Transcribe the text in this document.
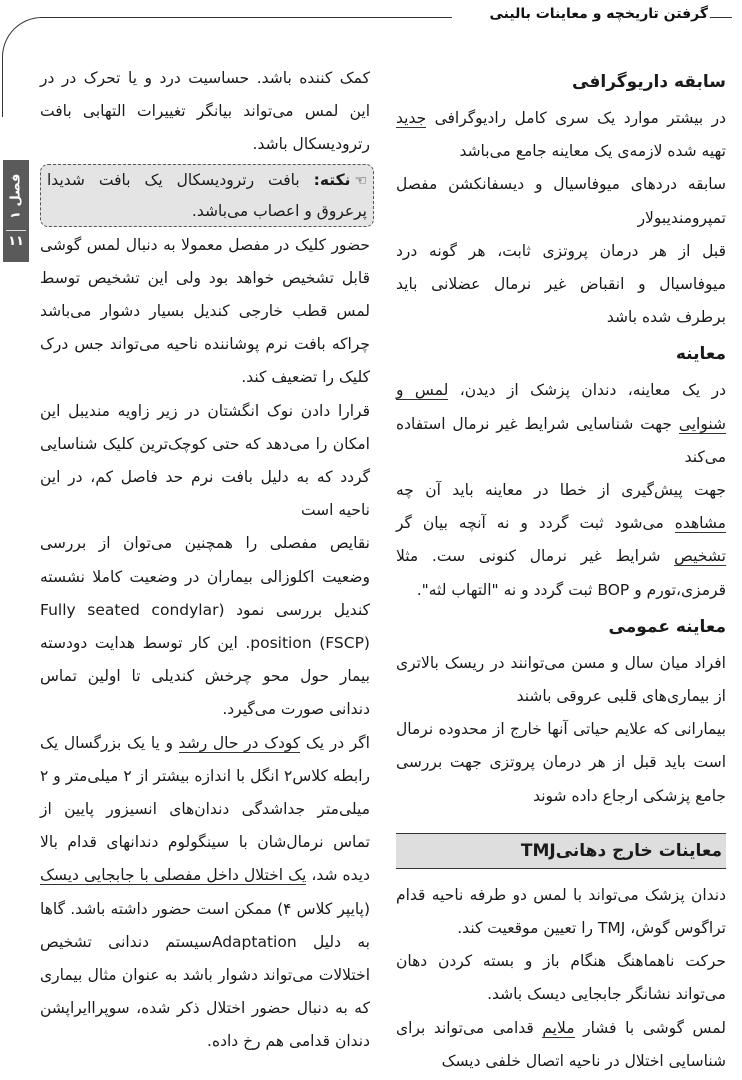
گرفتن تاریخچه و معاینات بالینی
فصل ۱
۱۱
سابقه داریوگرافی

در بیشتر موارد یک سری کامل رادیوگرافی جدید تهیه شده لازمه‌ی یک معاینه جامع می‌باشد

سابقه دردهای میوفاسیال و دیسفانکشن مفصل تمپرومندیبولار

قبل از هر درمان پروتزی ثابت، هر گونه درد میوفاسیال و انقباض غیر نرمال عضلانی باید برطرف شده باشد

معاینه

در یک معاینه، دندان پزشک از دیدن، لمس و شنوایی جهت شناسایی شرایط غیر نرمال استفاده می‌کند

جهت پیش‌گیری از خطا در معاینه باید آن چه مشاهده می‌شود ثبت گردد و نه آنچه بیان گر تشخیص شرایط غیر نرمال کنونی ست. مثلا قرمزی،تورم و BOP ثبت گردد و نه "التهاب لثه".

معاینه عمومی

افراد میان سال و مسن می‌توانند در ریسک بالاتری از بیماری‌های قلبی عروقی باشند

بیمارانی که علایم حیاتی آنها خارج از محدوده نرمال است باید قبل از هر درمان پروتزی جهت بررسی جامع پزشکی ارجاع داده شوند

معاینات خارج دهانیTMJ

دندان پزشک می‌تواند با لمس دو طرفه ناحیه قدام تراگوس گوش، TMJ را تعیین موقعیت کند.

حرکت ناهماهنگ هنگام باز و بسته کردن دهان می‌تواند نشانگر جابجایی دیسک باشد.

لمس گوشی با فشار ملایم قدامی می‌تواند برای شناسایی اختلال در ناحیه اتصال خلفی دیسک

کمک کننده باشد. حساسیت درد و یا تحرک در در این لمس می‌تواند بیانگر تغییرات التهابی بافت رترودیسکال باشد.

☜نکته: بافت رترودیسکال یک بافت شدیدا پرعروق و اعصاب می‌باشد.

حضور کلیک در مفصل معمولا به دنبال لمس گوشی قابل تشخیص خواهد بود ولی این تشخیص توسط لمس قطب خارجی کندیل بسیار دشوار می‌باشد چراکه بافت نرم پوشاننده ناحیه می‌تواند جس درک کلیک را تضعیف کند.

قرارا دادن نوک انگشتان در زیر زاویه مندیبل این امکان را می‌دهد که حتی کوچک‌ترین کلیک شناسایی گردد که به دلیل بافت نرم حد فاصل کم، در این ناحیه است

نقایص مفصلی را همچنین می‌توان از بررسی وضعیت اکلوزالی بیماران در وضعیت کاملا نشسته کندیل بررسی نمود (Fully seated condylar position (FSCP). این کار توسط هدایت دودسته بیمار حول محو چرخش کندیلی تا اولین تماس دندانی صورت می‌گیرد.

اگر در یک کودک در حال رشد و یا یک بزرگسال یک رابطه کلاس۲ انگل با اندازه بیشتر از ۲ میلی‌متر و ۲ میلی‌متر جداشدگی دندان‌های انسیزور پایین از تماس نرمال‌شان با سینگولوم دندانهای قدام بالا دیده شد، یک اختلال داخل مفصلی با جابجایی دیسک (پایپر کلاس ۴) ممکن است حضور داشته باشد. گاها به دلیل Adaptationسیستم دندانی تشخیص اختلالات می‌تواند دشوار باشد به عنوان مثال بیماری که به دنبال حضور اختلال ذکر شده، سوپراایراپشن دندان قدامی هم رخ داده.
